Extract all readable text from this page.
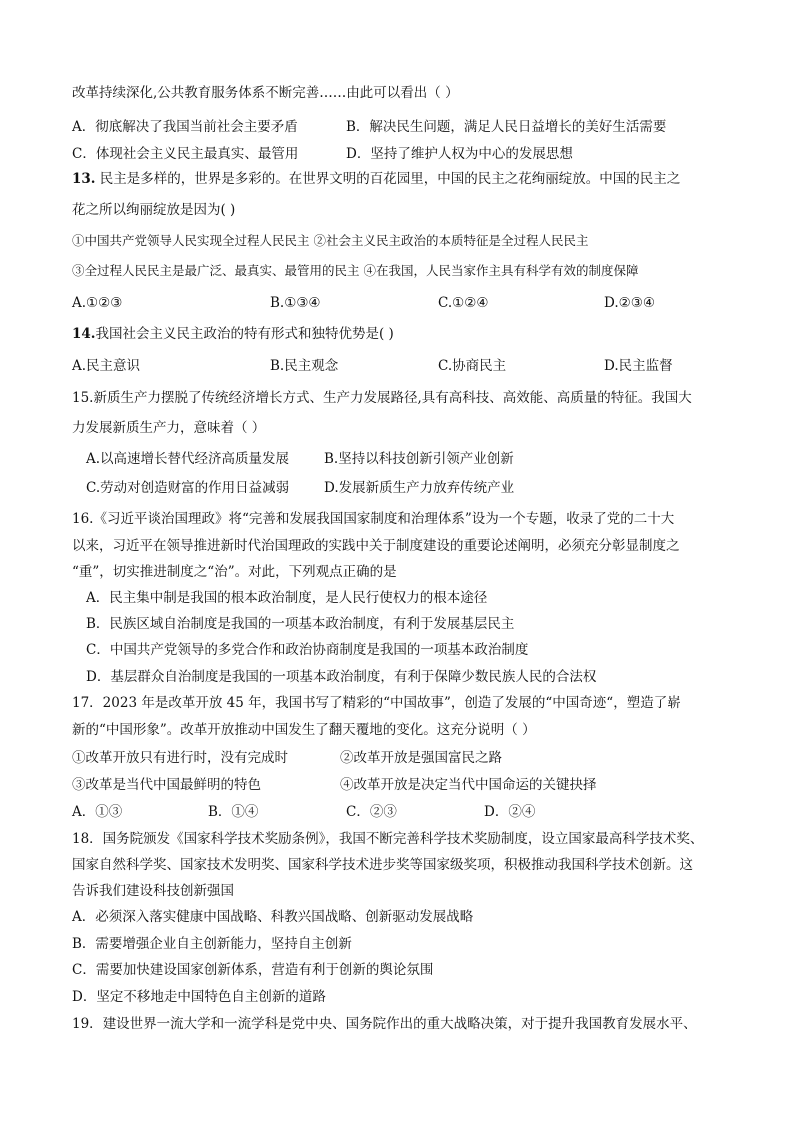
改革持续深化,公共教育服务体系不断完善……由此可以看出（ ）
A．彻底解决了我国当前社会主要矛盾	B．解决民生问题，满足人民日益增长的美好生活需要
C．体现社会主义民主最真实、最管用	D．坚持了维护人权为中心的发展思想
13. 民主是多样的，世界是多彩的。在世界文明的百花园里，中国的民主之花绚丽绽放。中国的民主之
花之所以绚丽绽放是因为( )
①中国共产党领导人民实现全过程人民民主 ②社会主义民主政治的本质特征是全过程人民民主
③全过程人民民主是最广泛、最真实、最管用的民主 ④在我国，人民当家作主具有科学有效的制度保障
A.①②③	B.①③④	C.①②④	D.②③④
14.我国社会主义民主政治的特有形式和独特优势是( )
A.民主意识	B.民主观念	C.协商民主	D.民主监督
15.新质生产力摆脱了传统经济增长方式、生产力发展路径,具有高科技、高效能、高质量的特征。我国大
力发展新质生产力，意味着（ ）
A.以高速增长替代经济高质量发展	B.坚持以科技创新引领产业创新
C.劳动对创造财富的作用日益减弱	D.发展新质生产力放弃传统产业
16.《习近平谈治国理政》将“完善和发展我国国家制度和治理体系”设为一个专题，收录了党的二十大
以来，习近平在领导推进新时代治国理政的实践中关于制度建设的重要论述阐明，必须充分彰显制度之
“重”，切实推进制度之“治”。对此，下列观点正确的是
A．民主集中制是我国的根本政治制度，是人民行使权力的根本途径
B．民族区域自治制度是我国的一项基本政治制度，有利于发展基层民主
C．中国共产党领导的多党合作和政治协商制度是我国的一项基本政治制度
D．基层群众自治制度是我国的一项基本政治制度，有利于保障少数民族人民的合法权
17．2023 年是改革开放 45 年，我国书写了精彩的“中国故事”，创造了发展的“中国奇迹“，塑造了崭
新的“中国形象”。改革开放推动中国发生了翻天覆地的变化。这充分说明（ ）
①改革开放只有进行时，没有完成时	②改革开放是强国富民之路
③改革是当代中国最鲜明的特色	④改革开放是决定当代中国命运的关键抉择
A．①③	B．①④	C．②③	D．②④
18．国务院颁发《国家科学技术奖励条例》，我国不断完善科学技术奖励制度，设立国家最高科学技术奖、
国家自然科学奖、国家技术发明奖、国家科学技术进步奖等国家级奖项，积极推动我国科学技术创新。这
告诉我们建设科技创新强国
A．必须深入落实健康中国战略、科教兴国战略、创新驱动发展战略
B．需要增强企业自主创新能力，坚持自主创新
C．需要加快建设国家创新体系，营造有利于创新的舆论氛围
D．坚定不移地走中国特色自主创新的道路
19．建设世界一流大学和一流学科是党中央、国务院作出的重大战略决策，对于提升我国教育发展水平、
